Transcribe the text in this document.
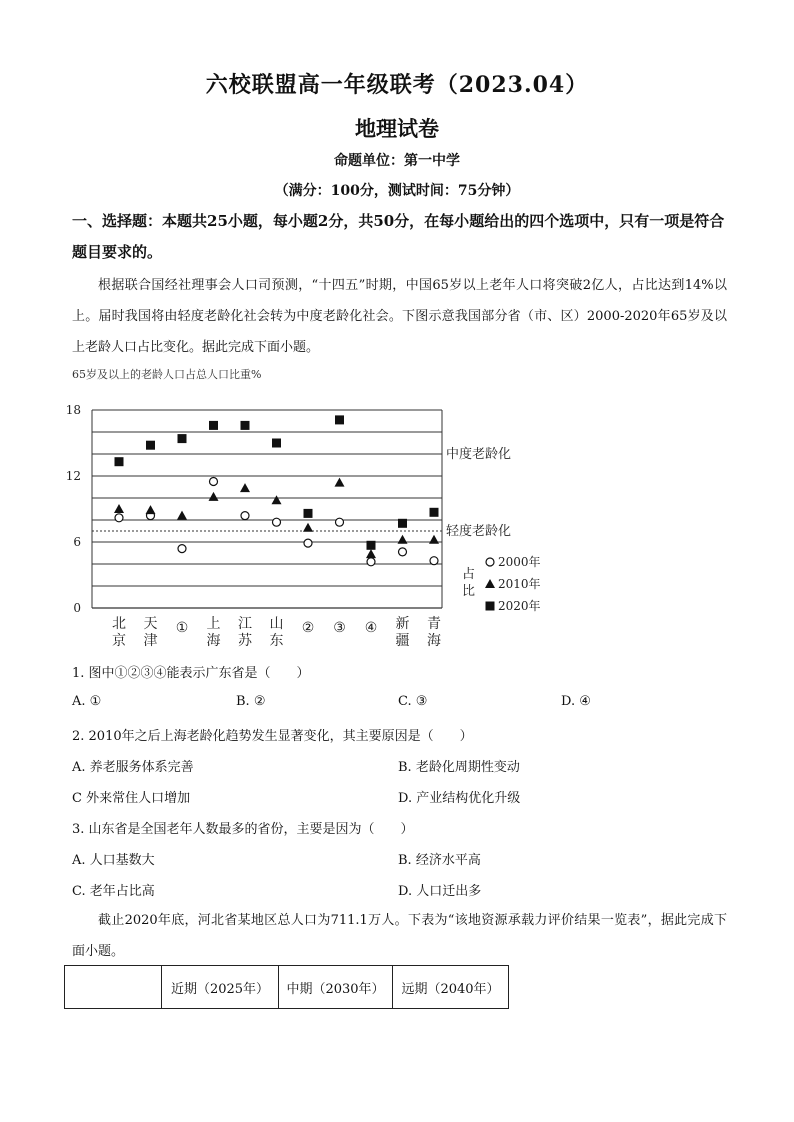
六校联盟高一年级联考（2023.04）
地理试卷
命题单位：第一中学
（满分：100分，测试时间：75分钟）
一、选择题：本题共25小题，每小题2分，共50分，在每小题给出的四个选项中，只有一项是符合题目要求的。
根据联合国经社理事会人口司预测，“十四五”时期，中国65岁以上老年人口将突破2亿人，占比达到14%以上。届时我国将由轻度老龄化社会转为中度老龄化社会。下图示意我国部分省（市、区）2000-2020年65岁及以上老龄人口占比变化。据此完成下面小题。
65岁及以上的老龄人口占总人口比重%
0
6
12
18
中度老龄化
轻度老龄化
北京
天津
① 上海
江苏
山东
② ③ ④ 新疆
青海
2000年
2010年
2020年
占比
1. 图中①②③④能表示广东省是（　　）
A. ①	B. ②	C. ③	D. ④
2. 2010年之后上海老龄化趋势发生显著变化，其主要原因是（　　）
A. 养老服务体系完善	B. 老龄化周期性变动
C 外来常住人口增加	D. 产业结构优化升级
3. 山东省是全国老年人数最多的省份，主要是因为（　　）
A. 人口基数大	B. 经济水平高
C. 老年占比高	D. 人口迁出多
截止2020年底，河北省某地区总人口为711.1万人。下表为“该地资源承载力评价结果一览表”，据此完成下面小题。
	近期（2025年）	中期（2030年）	远期（2040年）
